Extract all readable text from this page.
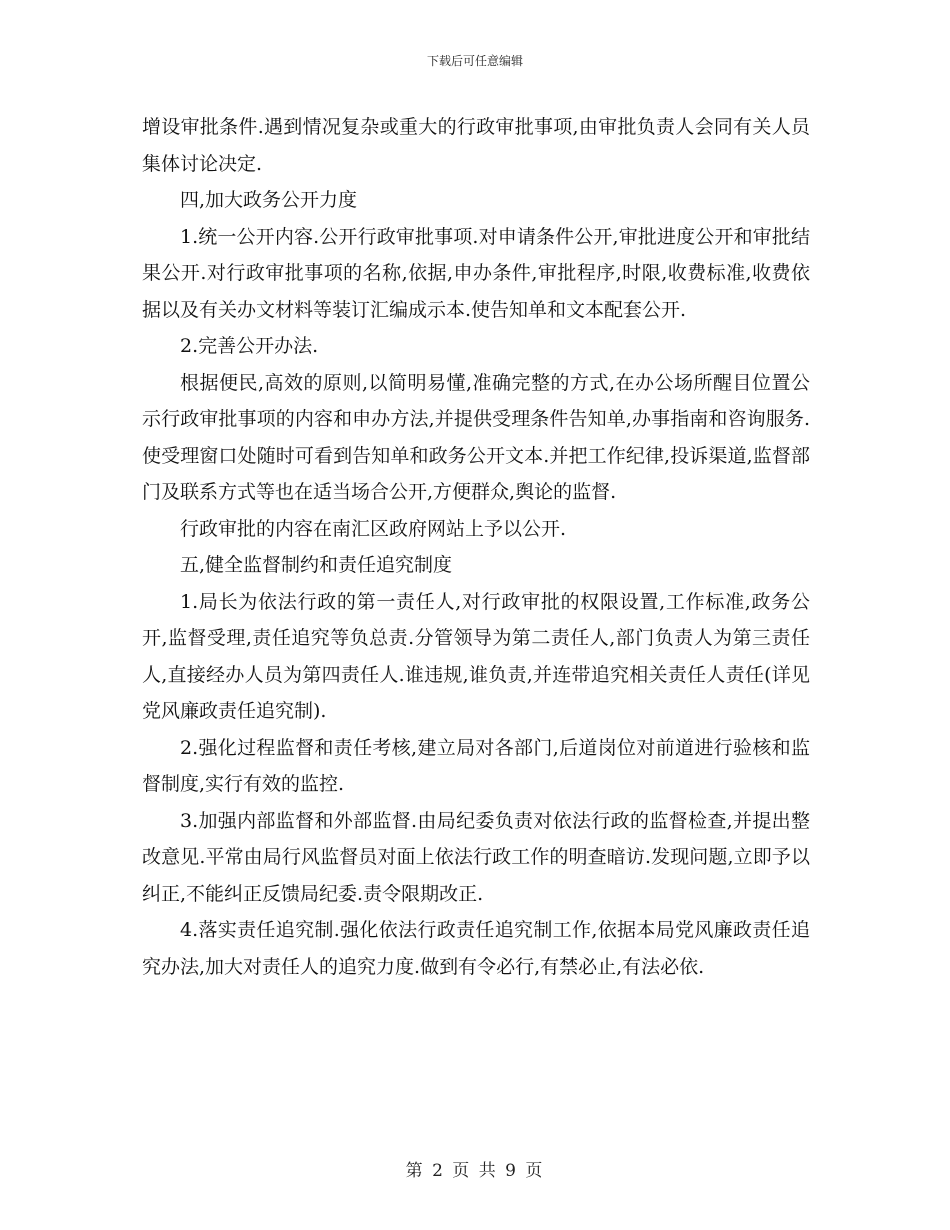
下载后可任意编辑

增设审批条件.遇到情况复杂或重大的行政审批事项,由审批负责人会同有关人员集体讨论决定.

四,加大政务公开力度

1.统一公开内容.公开行政审批事项.对申请条件公开,审批进度公开和审批结果公开.对行政审批事项的名称,依据,申办条件,审批程序,时限,收费标准,收费依据以及有关办文材料等装订汇编成示本.使告知单和文本配套公开.

2.完善公开办法.

根据便民,高效的原则,以简明易懂,准确完整的方式,在办公场所醒目位置公示行政审批事项的内容和申办方法,并提供受理条件告知单,办事指南和咨询服务.使受理窗口处随时可看到告知单和政务公开文本.并把工作纪律,投诉渠道,监督部门及联系方式等也在适当场合公开,方便群众,舆论的监督.

行政审批的内容在南汇区政府网站上予以公开.

五,健全监督制约和责任追究制度

1.局长为依法行政的第一责任人,对行政审批的权限设置,工作标准,政务公开,监督受理,责任追究等负总责.分管领导为第二责任人,部门负责人为第三责任人,直接经办人员为第四责任人.谁违规,谁负责,并连带追究相关责任人责任(详见党风廉政责任追究制).

2.强化过程监督和责任考核,建立局对各部门,后道岗位对前道进行验核和监督制度,实行有效的监控.

3.加强内部监督和外部监督.由局纪委负责对依法行政的监督检查,并提出整改意见.平常由局行风监督员对面上依法行政工作的明查暗访.发现问题,立即予以纠正,不能纠正反馈局纪委.责令限期改正.

4.落实责任追究制.强化依法行政责任追究制工作,依据本局党风廉政责任追究办法,加大对责任人的追究力度.做到有令必行,有禁必止,有法必依.

第 2 页 共 9 页
